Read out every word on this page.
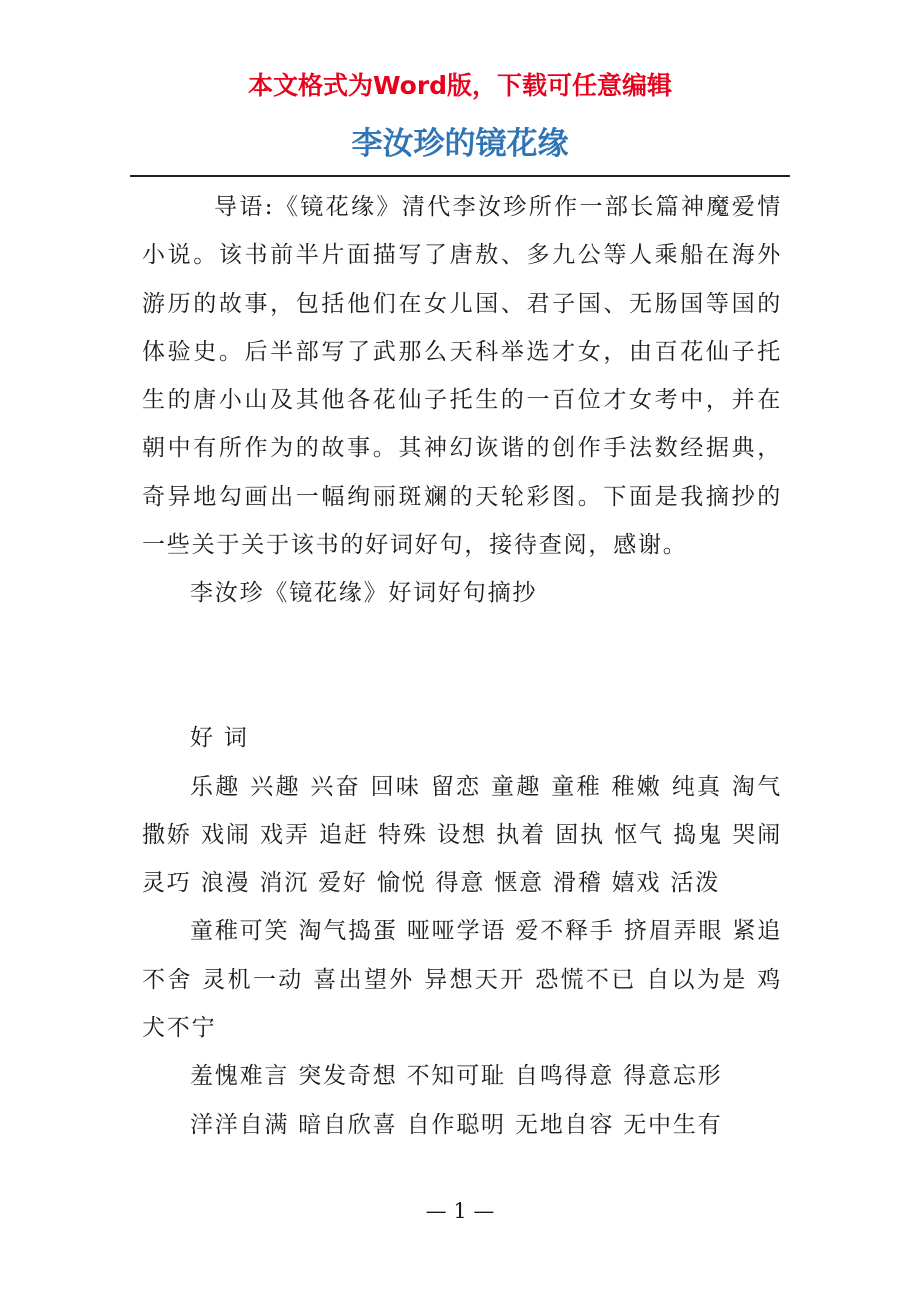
本文格式为Word版，下载可任意编辑
李汝珍的镜花缘

导语:《镜花缘》清代李汝珍所作一部长篇神魔爱情小说。该书前半片面描写了唐敖、多九公等人乘船在海外游历的故事，包括他们在女儿国、君子国、无肠国等国的体验史。后半部写了武那么天科举选才女，由百花仙子托生的唐小山及其他各花仙子托生的一百位才女考中，并在朝中有所作为的故事。其神幻诙谐的创作手法数经据典，奇异地勾画出一幅绚丽斑斓的天轮彩图。下面是我摘抄的一些关于关于该书的好词好句，接待查阅，感谢。

李汝珍《镜花缘》好词好句摘抄

好 词

乐趣 兴趣 兴奋 回味 留恋 童趣 童稚 稚嫩 纯真 淘气 撒娇 戏闹 戏弄 追赶 特殊 设想 执着 固执 怄气 捣鬼 哭闹 灵巧 浪漫 消沉 爱好 愉悦 得意 惬意 滑稽 嬉戏 活泼

童稚可笑 淘气捣蛋 哑哑学语 爱不释手 挤眉弄眼 紧追不舍 灵机一动 喜出望外 异想天开 恐慌不已 自以为是 鸡犬不宁

羞愧难言 突发奇想 不知可耻 自鸣得意 得意忘形

洋洋自满 暗自欣喜 自作聪明 无地自容 无中生有

— 1 —
